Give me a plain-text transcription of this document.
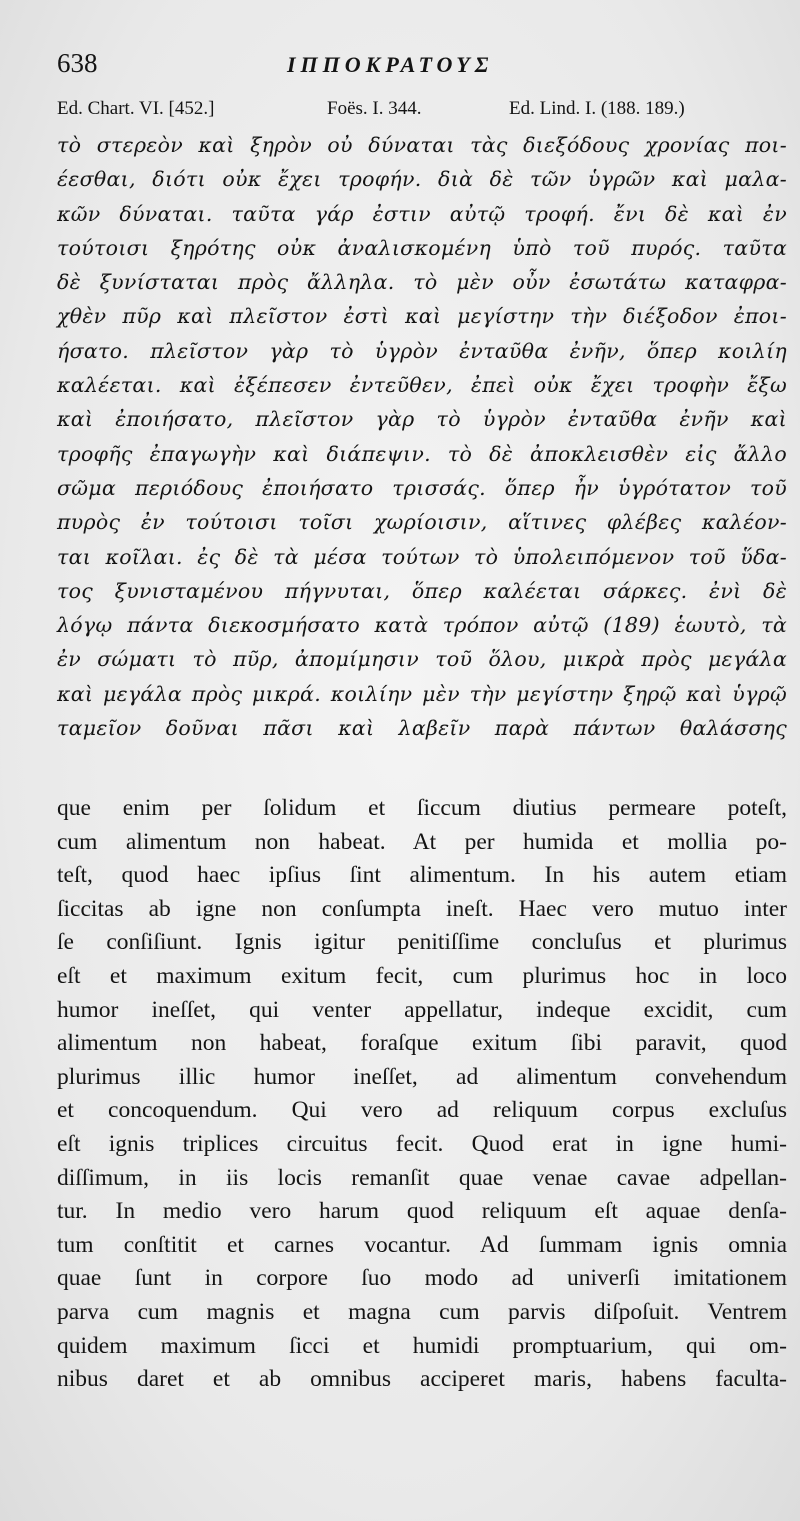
638	ΙΠΠΟΚΡΑΤΟΥΣ
Ed. Chart. VI. [452.]	Foës. I. 344.	Ed. Lind. I. (188. 189.)
τὸ στερεὸν καὶ ξηρὸν οὐ δύναται τὰς διεξόδους χρονίας ποι-
έεσθαι, διότι οὐκ ἔχει τροφήν. διὰ δὲ τῶν ὑγρῶν καὶ μαλα-
κῶν δύναται. ταῦτα γάρ ἐστιν αὐτῷ τροφή. ἔνι δὲ καὶ ἐν
τούτοισι ξηρότης οὐκ ἀναλισκομένη ὑπὸ τοῦ πυρός. ταῦτα
δὲ ξυνίσταται πρὸς ἄλληλα. τὸ μὲν οὖν ἐσωτάτω καταφρα-
χθὲν πῦρ καὶ πλεῖστον ἐστὶ καὶ μεγίστην τὴν διέξοδον ἐποι-
ήσατο. πλεῖστον γὰρ τὸ ὑγρὸν ἐνταῦθα ἐνῆν, ὅπερ κοιλίη
καλέεται. καὶ ἐξέπεσεν ἐντεῦθεν, ἐπεὶ οὐκ ἔχει τροφὴν ἔξω
καὶ ἐποιήσατο, πλεῖστον γὰρ τὸ ὑγρὸν ἐνταῦθα ἐνῆν καὶ
τροφῆς ἐπαγωγὴν καὶ διάπεψιν. τὸ δὲ ἀποκλεισθὲν εἰς ἄλλο
σῶμα περιόδους ἐποιήσατο τρισσάς. ὅπερ ἦν ὑγρότατον τοῦ
πυρὸς ἐν τούτοισι τοῖσι χωρίοισιν, αἵτινες φλέβες καλέον-
ται κοῖλαι. ἐς δὲ τὰ μέσα τούτων τὸ ὑπολειπόμενον τοῦ ὕδα-
τος ξυνισταμένου πήγνυται, ὅπερ καλέεται σάρκες. ἐνὶ δὲ
λόγῳ πάντα διεκοσμήσατο κατὰ τρόπον αὐτῷ (189) ἑωυτὸ, τὰ
ἐν σώματι τὸ πῦρ, ἀπομίμησιν τοῦ ὅλου, μικρὰ πρὸς μεγάλα
καὶ μεγάλα πρὸς μικρά. κοιλίην μὲν τὴν μεγίστην ξηρῷ καὶ ὑγρῷ
ταμεῖον δοῦναι πᾶσι καὶ λαβεῖν παρὰ πάντων θαλάσσης
que enim per ſolidum et ſiccum diutius permeare poteſt,
cum alimentum non habeat. At per humida et mollia po-
teſt, quod haec ipſius ſint alimentum. In his autem etiam
ſiccitas ab igne non conſumpta ineſt. Haec vero mutuo inter
ſe conſiſiunt. Ignis igitur penitiſſime concluſus et plurimus
eſt et maximum exitum fecit, cum plurimus hoc in loco
humor ineſſet, qui venter appellatur, indeque excidit, cum
alimentum non habeat, foraſque exitum ſibi paravit, quod
plurimus illic humor ineſſet, ad alimentum convehendum
et concoquendum. Qui vero ad reliquum corpus excluſus
eſt ignis triplices circuitus fecit. Quod erat in igne humi-
diſſimum, in iis locis remanſit quae venae cavae adpellan-
tur. In medio vero harum quod reliquum eſt aquae denſa-
tum conſtitit et carnes vocantur. Ad ſummam ignis omnia
quae ſunt in corpore ſuo modo ad univerſi imitationem
parva cum magnis et magna cum parvis diſpoſuit. Ventrem
quidem maximum ſicci et humidi promptuarium, qui om-
nibus daret et ab omnibus acciperet maris, habens faculta-
